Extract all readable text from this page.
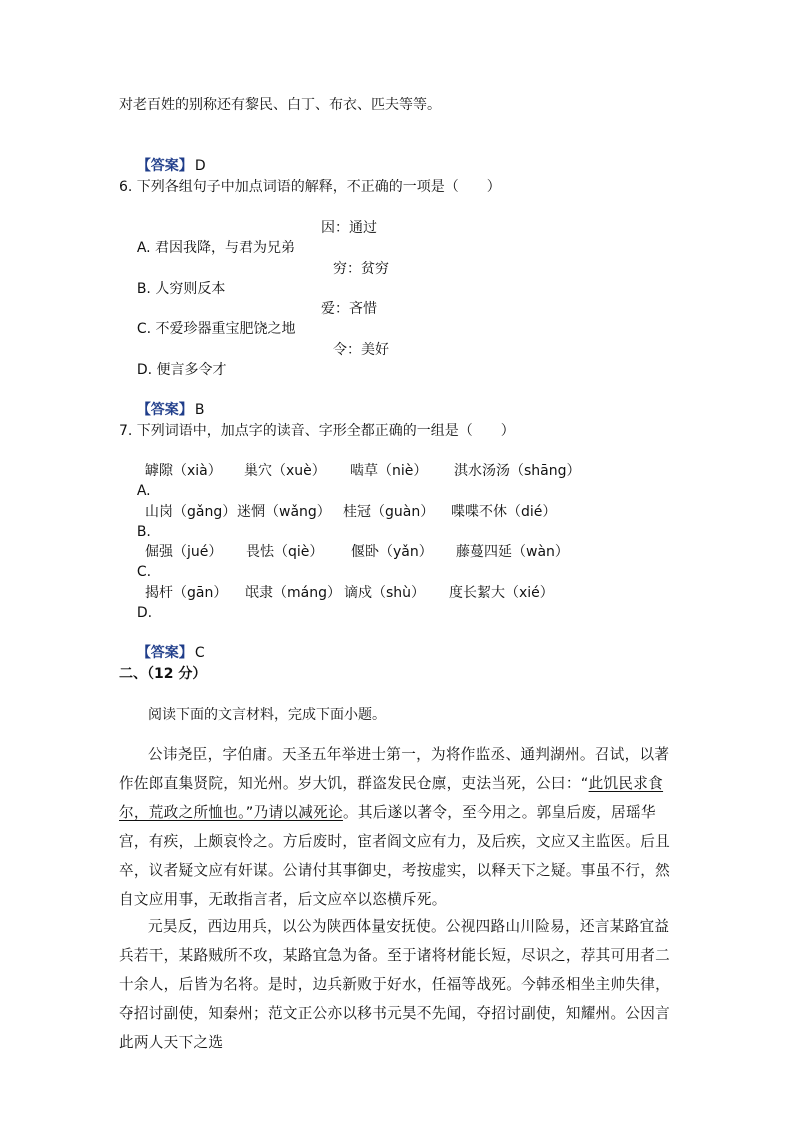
对老百姓的别称还有黎民、白丁、布衣、匹夫等等。

【答案】 D

6. 下列各组句子中加点词语的解释，不正确的一项是（　　）

A. 君因我降，与君为兄弟

因：通过

B. 人穷则反本

穷：贫穷

C. 不爱珍器重宝肥饶之地

爱：吝惜

D. 便言多令才

令：美好

【答案】 B

7. 下列词语中，加点字的读音、字形全都正确的一组是（　　）

A.

罅隙（xià） 巢穴（xuè） 啮草（niè） 淇水汤汤（shāng）

B.

山岗（gǎng） 迷惘（wǎng） 桂冠（guàn） 喋喋不休（dié）

C.

倔强（jué） 畏怯（qiè） 偃卧（yǎn） 藤蔓四延（wàn）

D.

揭杆（gān） 氓隶（máng） 谪戍（shù） 度长絜大（xié）

【答案】 C

二、（12 分）
阅读下面的文言材料，完成下面小题。
公讳尧臣，字伯庸。天圣五年举进士第一，为将作监丞、通判湖州。召试，以著作佐郎直集贤院，知光州。岁大饥，群盗发民仓廪，吏法当死，公曰：“此饥民求食尔，荒政之所恤也。”乃请以减死论。其后遂以著令，至今用之。郭皇后废，居瑶华宫，有疾，上颇哀怜之。方后废时，宦者阎文应有力，及后疾，文应又主监医。后且卒，议者疑文应有奸谋。公请付其事御史，考按虚实，以释天下之疑。事虽不行，然自文应用事，无敢指言者，后文应卒以恣横斥死。
元昊反，西边用兵，以公为陕西体量安抚使。公视四路山川险易，还言某路宜益兵若干，某路贼所不攻，某路宜急为备。至于诸将材能长短，尽识之，荐其可用者二十余人，后皆为名将。是时，边兵新败于好水，任福等战死。今韩丞相坐主帅失律，夺招讨副使，知秦州；范文正公亦以移书元昊不先闻，夺招讨副使，知耀州。公因言此两人天下之选
